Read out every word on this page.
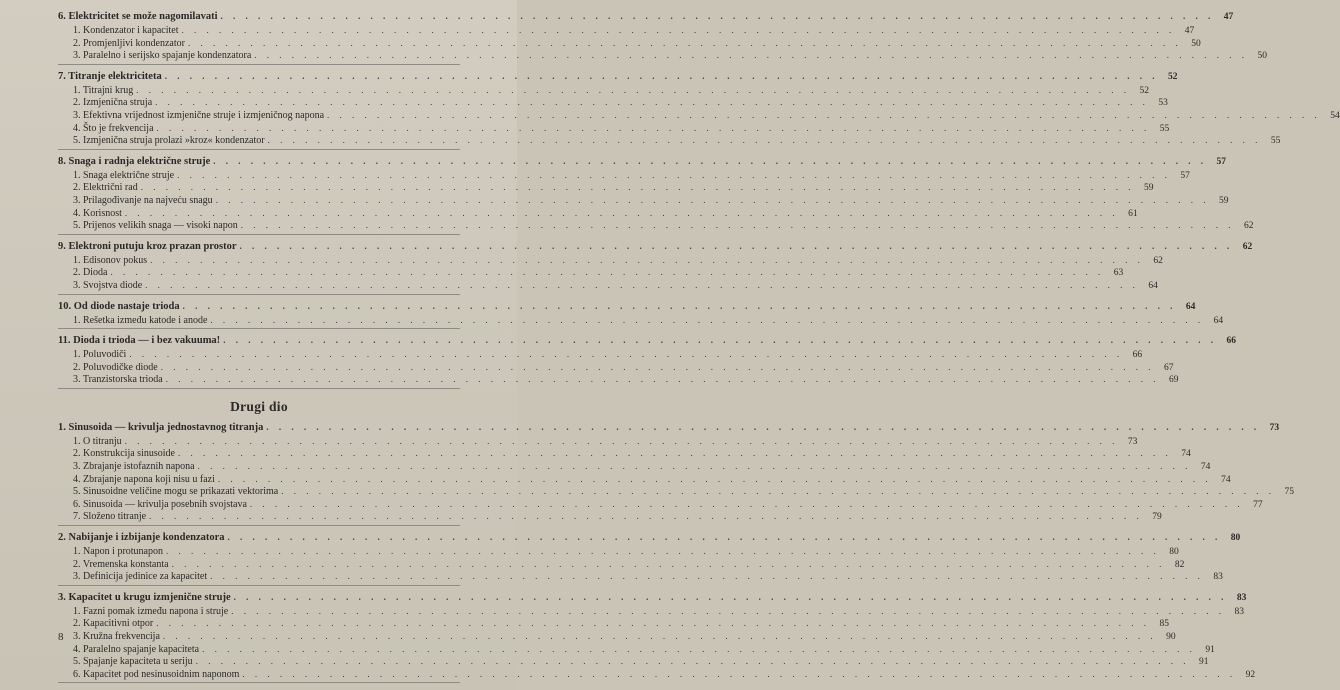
6. Elektricitet se može nagomilavati . . . . . . . . . . . . . . . . . . . . . . . . . . . . . . . . . . . . . . . . . . . . . . . . . . . . . . . . . . . . . . . . . . . . . . . . . . . . . . . .	47
1. Kondenzator i kapacitet . . . . . . . . . . . . . . . . . . . . . . . . . . . . . . . . . . . . . . . . . . . . . . . . . . . . . . . . . . . . . . . . . . . . . . . . . . . . . . . .	47
2. Promjenljivi kondenzator . . . . . . . . . . . . . . . . . . . . . . . . . . . . . . . . . . . . . . . . . . . . . . . . . . . . . . . . . . . . . . . . . . . . . . . . . . . . . . . .	50
3. Paralelno i serijsko spajanje kondenzatora . . . . . . . . . . . . . . . . . . . . . . . . . . . . . . . . . . . . . . . . . . . . . . . . . . . . . . . . . . . . . . . . . . . . . . . . . . . . . . . .	50
7. Titranje elektriciteta . . . . . . . . . . . . . . . . . . . . . . . . . . . . . . . . . . . . . . . . . . . . . . . . . . . . . . . . . . . . . . . . . . . . . . . . . . . . . . . .	52
1. Titrajni krug . . . . . . . . . . . . . . . . . . . . . . . . . . . . . . . . . . . . . . . . . . . . . . . . . . . . . . . . . . . . . . . . . . . . . . . . . . . . . . . .	52
2. Izmjenična struja . . . . . . . . . . . . . . . . . . . . . . . . . . . . . . . . . . . . . . . . . . . . . . . . . . . . . . . . . . . . . . . . . . . . . . . . . . . . . . . .	53
3. Efektivna vrijednost izmjenične struje i izmjeničnog napona . . . . . . . . . . . . . . . . . . . . . . . . . . . . . . . . . . . . . . . . . . . . . . . . . . . . . . . . . . . . . . . . . . . . . . . . . . . . . . . .	54
4. Što je frekvencija . . . . . . . . . . . . . . . . . . . . . . . . . . . . . . . . . . . . . . . . . . . . . . . . . . . . . . . . . . . . . . . . . . . . . . . . . . . . . . . .	55
5. Izmjenična struja prolazi »kroz« kondenzator . . . . . . . . . . . . . . . . . . . . . . . . . . . . . . . . . . . . . . . . . . . . . . . . . . . . . . . . . . . . . . . . . . . . . . . . . . . . . . . .	55
8. Snaga i radnja električne struje . . . . . . . . . . . . . . . . . . . . . . . . . . . . . . . . . . . . . . . . . . . . . . . . . . . . . . . . . . . . . . . . . . . . . . . . . . . . . . . .	57
1. Snaga električne struje . . . . . . . . . . . . . . . . . . . . . . . . . . . . . . . . . . . . . . . . . . . . . . . . . . . . . . . . . . . . . . . . . . . . . . . . . . . . . . . .	57
2. Električni rad . . . . . . . . . . . . . . . . . . . . . . . . . . . . . . . . . . . . . . . . . . . . . . . . . . . . . . . . . . . . . . . . . . . . . . . . . . . . . . . .	59
3. Prilagođivanje na najveću snagu . . . . . . . . . . . . . . . . . . . . . . . . . . . . . . . . . . . . . . . . . . . . . . . . . . . . . . . . . . . . . . . . . . . . . . . . . . . . . . . .	59
4. Korisnost . . . . . . . . . . . . . . . . . . . . . . . . . . . . . . . . . . . . . . . . . . . . . . . . . . . . . . . . . . . . . . . . . . . . . . . . . . . . . . . .	61
5. Prijenos velikih snaga — visoki napon . . . . . . . . . . . . . . . . . . . . . . . . . . . . . . . . . . . . . . . . . . . . . . . . . . . . . . . . . . . . . . . . . . . . . . . . . . . . . . . .	62
9. Elektroni putuju kroz prazan prostor . . . . . . . . . . . . . . . . . . . . . . . . . . . . . . . . . . . . . . . . . . . . . . . . . . . . . . . . . . . . . . . . . . . . . . . . . . . . . . . .	62
1. Edisonov pokus . . . . . . . . . . . . . . . . . . . . . . . . . . . . . . . . . . . . . . . . . . . . . . . . . . . . . . . . . . . . . . . . . . . . . . . . . . . . . . . .	62
2. Dioda . . . . . . . . . . . . . . . . . . . . . . . . . . . . . . . . . . . . . . . . . . . . . . . . . . . . . . . . . . . . . . . . . . . . . . . . . . . . . . . .	63
3. Svojstva diode . . . . . . . . . . . . . . . . . . . . . . . . . . . . . . . . . . . . . . . . . . . . . . . . . . . . . . . . . . . . . . . . . . . . . . . . . . . . . . . .	64
10. Od diode nastaje trioda . . . . . . . . . . . . . . . . . . . . . . . . . . . . . . . . . . . . . . . . . . . . . . . . . . . . . . . . . . . . . . . . . . . . . . . . . . . . . . . .	64
1. Rešetka između katode i anode . . . . . . . . . . . . . . . . . . . . . . . . . . . . . . . . . . . . . . . . . . . . . . . . . . . . . . . . . . . . . . . . . . . . . . . . . . . . . . . .	64
11. Dioda i trioda — i bez vakuuma! . . . . . . . . . . . . . . . . . . . . . . . . . . . . . . . . . . . . . . . . . . . . . . . . . . . . . . . . . . . . . . . . . . . . . . . . . . . . . . . .	66
1. Poluvodiči . . . . . . . . . . . . . . . . . . . . . . . . . . . . . . . . . . . . . . . . . . . . . . . . . . . . . . . . . . . . . . . . . . . . . . . . . . . . . . . .	66
2. Poluvodičke diode . . . . . . . . . . . . . . . . . . . . . . . . . . . . . . . . . . . . . . . . . . . . . . . . . . . . . . . . . . . . . . . . . . . . . . . . . . . . . . . .	67
3. Tranzistorska trioda . . . . . . . . . . . . . . . . . . . . . . . . . . . . . . . . . . . . . . . . . . . . . . . . . . . . . . . . . . . . . . . . . . . . . . . . . . . . . . . .	69
Drugi dio
1. Sinusoida — krivulja jednostavnog titranja . . . . . . . . . . . . . . . . . . . . . . . . . . . . . . . . . . . . . . . . . . . . . . . . . . . . . . . . . . . . . . . . . . . . . . . . . . . . . . . .	73
1. O titranju . . . . . . . . . . . . . . . . . . . . . . . . . . . . . . . . . . . . . . . . . . . . . . . . . . . . . . . . . . . . . . . . . . . . . . . . . . . . . . . .	73
2. Konstrukcija sinusoide . . . . . . . . . . . . . . . . . . . . . . . . . . . . . . . . . . . . . . . . . . . . . . . . . . . . . . . . . . . . . . . . . . . . . . . . . . . . . . . .	74
3. Zbrajanje istofaznih napona . . . . . . . . . . . . . . . . . . . . . . . . . . . . . . . . . . . . . . . . . . . . . . . . . . . . . . . . . . . . . . . . . . . . . . . . . . . . . . . .	74
4. Zbrajanje napona koji nisu u fazi . . . . . . . . . . . . . . . . . . . . . . . . . . . . . . . . . . . . . . . . . . . . . . . . . . . . . . . . . . . . . . . . . . . . . . . . . . . . . . . .	74
5. Sinusoidne veličine mogu se prikazati vektorima . . . . . . . . . . . . . . . . . . . . . . . . . . . . . . . . . . . . . . . . . . . . . . . . . . . . . . . . . . . . . . . . . . . . . . . . . . . . . . . .	75
6. Sinusoida — krivulja posebnih svojstava . . . . . . . . . . . . . . . . . . . . . . . . . . . . . . . . . . . . . . . . . . . . . . . . . . . . . . . . . . . . . . . . . . . . . . . . . . . . . . . .	77
7. Složeno titranje . . . . . . . . . . . . . . . . . . . . . . . . . . . . . . . . . . . . . . . . . . . . . . . . . . . . . . . . . . . . . . . . . . . . . . . . . . . . . . . .	79
2. Nabijanje i izbijanje kondenzatora . . . . . . . . . . . . . . . . . . . . . . . . . . . . . . . . . . . . . . . . . . . . . . . . . . . . . . . . . . . . . . . . . . . . . . . . . . . . . . . .	80
1. Napon i protunapon . . . . . . . . . . . . . . . . . . . . . . . . . . . . . . . . . . . . . . . . . . . . . . . . . . . . . . . . . . . . . . . . . . . . . . . . . . . . . . . .	80
2. Vremenska konstanta . . . . . . . . . . . . . . . . . . . . . . . . . . . . . . . . . . . . . . . . . . . . . . . . . . . . . . . . . . . . . . . . . . . . . . . . . . . . . . . .	82
3. Definicija jedinice za kapacitet . . . . . . . . . . . . . . . . . . . . . . . . . . . . . . . . . . . . . . . . . . . . . . . . . . . . . . . . . . . . . . . . . . . . . . . . . . . . . . . .	83
3. Kapacitet u krugu izmjenične struje . . . . . . . . . . . . . . . . . . . . . . . . . . . . . . . . . . . . . . . . . . . . . . . . . . . . . . . . . . . . . . . . . . . . . . . . . . . . . . . .	83
1. Fazni pomak između napona i struje . . . . . . . . . . . . . . . . . . . . . . . . . . . . . . . . . . . . . . . . . . . . . . . . . . . . . . . . . . . . . . . . . . . . . . . . . . . . . . . .	83
2. Kapacitivni otpor . . . . . . . . . . . . . . . . . . . . . . . . . . . . . . . . . . . . . . . . . . . . . . . . . . . . . . . . . . . . . . . . . . . . . . . . . . . . . . . .	85
3. Kružna frekvencija . . . . . . . . . . . . . . . . . . . . . . . . . . . . . . . . . . . . . . . . . . . . . . . . . . . . . . . . . . . . . . . . . . . . . . . . . . . . . . . .	90
4. Paralelno spajanje kapaciteta . . . . . . . . . . . . . . . . . . . . . . . . . . . . . . . . . . . . . . . . . . . . . . . . . . . . . . . . . . . . . . . . . . . . . . . . . . . . . . . .	91
5. Spajanje kapaciteta u seriju . . . . . . . . . . . . . . . . . . . . . . . . . . . . . . . . . . . . . . . . . . . . . . . . . . . . . . . . . . . . . . . . . . . . . . . . . . . . . . . .	91
6. Kapacitet pod nesinusoidnim naponom . . . . . . . . . . . . . . . . . . . . . . . . . . . . . . . . . . . . . . . . . . . . . . . . . . . . . . . . . . . . . . . . . . . . . . . . . . . . . . . .	92
8
